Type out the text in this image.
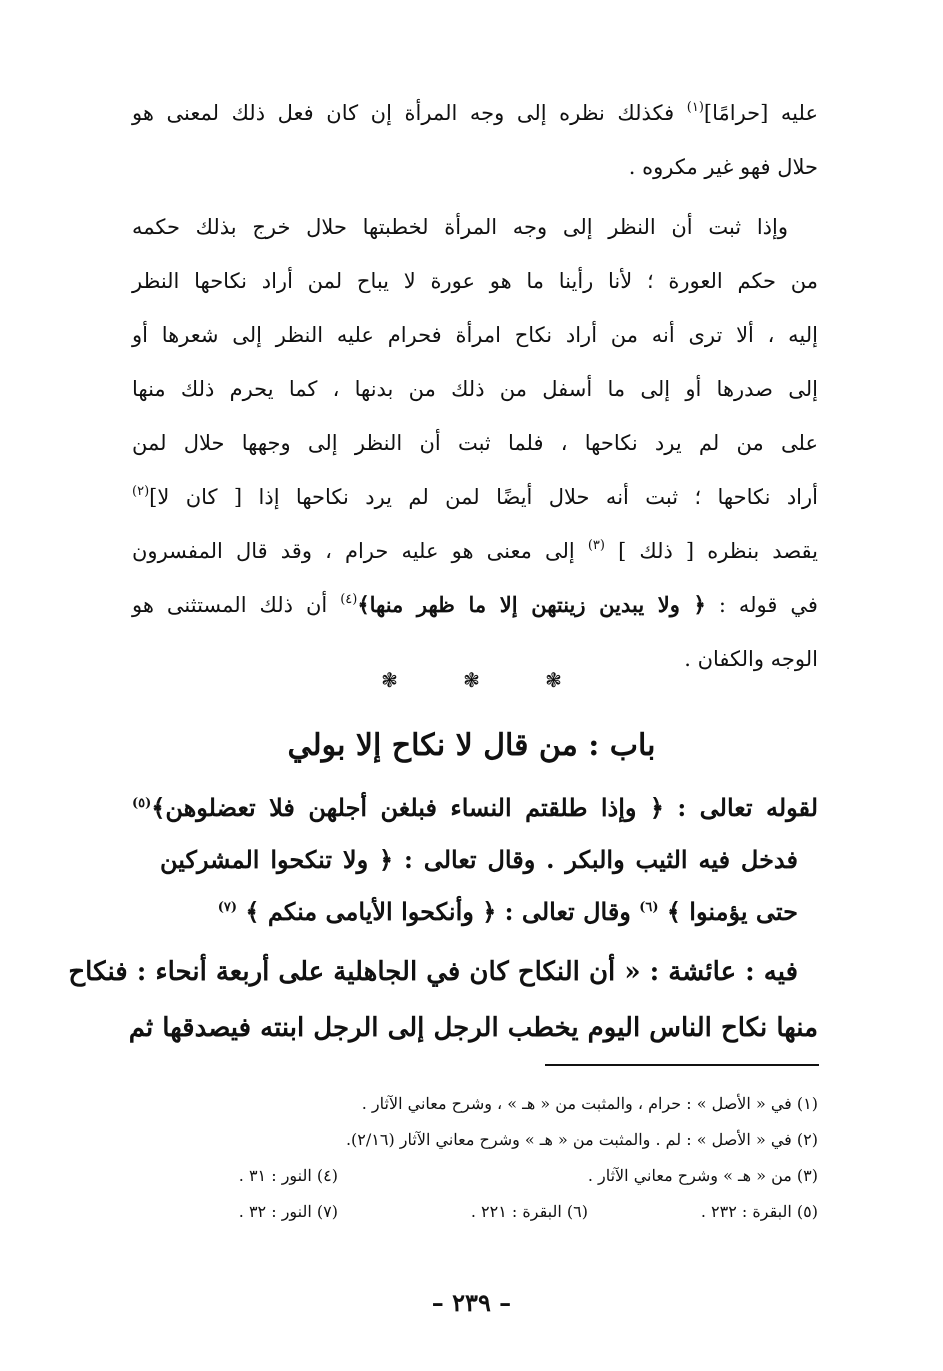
عليه [حرامًا]$^{(١)}$ فكذلك نظره إلى وجه المرأة إن كان فعل ذلك لمعنى هو
حلال فهو غير مكروه .
وإذا ثبت أن النظر إلى وجه المرأة لخطبتها حلال خرج بذلك حكمه
من حكم العورة ؛ لأنا رأينا ما هو عورة لا يباح لمن أراد نكاحها النظر
إليه ، ألا ترى أنه من أراد نكاح امرأة فحرام عليه النظر إلى شعرها أو
إلى صدرها أو إلى ما أسفل من ذلك من بدنها ، كما يحرم ذلك منها
على من لم يرد نكاحها ، فلما ثبت أن النظر إلى وجهها حلال لمن
أراد نكاحها ؛ ثبت أنه حلال أيضًا لمن لم يرد نكاحها إذا [ كان لا]$^{(٢)}$
يقصد بنظره [ ذلك ] $^{(٣)}$ إلى معنى هو عليه حرام ، وقد قال المفسرون
في قوله : ﴿ ولا يبدين زينتهن إلا ما ظهر منها﴾$^{(٤)}$ أن ذلك المستثنى هو
الوجه والكفان .
❃	❃	❃
باب : من قال لا نكاح إلا بولي
لقوله تعالى : ﴿ وإذا طلقتم النساء فبلغن أجلهن فلا تعضلوهن﴾$^{(٥)}$
فدخل فيه الثيب والبكر . وقال تعالى : ﴿ ولا تنكحوا المشركين
حتى يؤمنوا ﴾ $^{(٦)}$ وقال تعالى : ﴿ وأنكحوا الأيامى منكم ﴾ $^{(٧)}$
فيه : عائشة : « أن النكاح كان في الجاهلية على أربعة أنحاء : فنكاح
منها نكاح الناس اليوم يخطب الرجل إلى الرجل ابنته فيصدقها ثم
(١) في « الأصل » : حرام ، والمثبت من « هـ » ، وشرح معاني الآثار .
(٢) في « الأصل » : لم . والمثبت من « هـ » وشرح معاني الآثار (٢/١٦).
(٣) من « هـ » وشرح معاني الآثار .
(٤) النور : ٣١ .
(٥) البقرة : ٢٣٢ .
(٦) البقرة : ٢٢١ .
(٧) النور : ٣٢ .
– ٢٣٩ –
